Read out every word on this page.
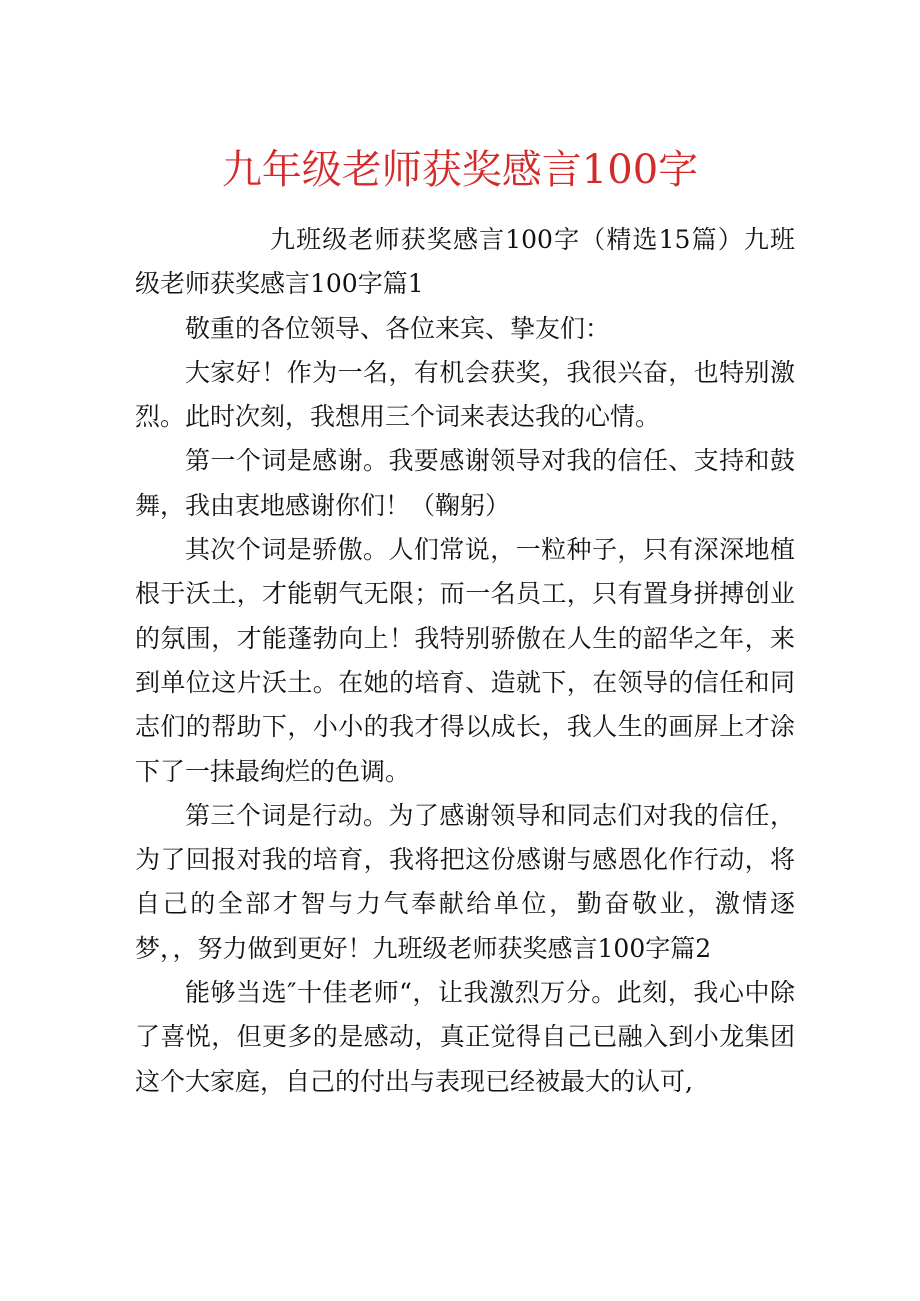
九年级老师获奖感言100字

九班级老师获奖感言100字（精选15篇）九班级老师获奖感言100字篇1

敬重的各位领导、各位来宾、挚友们：

大家好！作为一名，有机会获奖，我很兴奋，也特别激烈。此时次刻，我想用三个词来表达我的心情。

第一个词是感谢。我要感谢领导对我的信任、支持和鼓舞，我由衷地感谢你们！（鞠躬）

其次个词是骄傲。人们常说，一粒种子，只有深深地植根于沃土，才能朝气无限；而一名员工，只有置身拼搏创业的氛围，才能蓬勃向上！我特别骄傲在人生的韶华之年，来到单位这片沃土。在她的培育、造就下，在领导的信任和同志们的帮助下，小小的我才得以成长，我人生的画屏上才涂下了一抹最绚烂的色调。

第三个词是行动。为了感谢领导和同志们对我的信任，为了回报对我的培育，我将把这份感谢与感恩化作行动，将自己的全部才智与力气奉献给单位，勤奋敬业，激情逐梦，，努力做到更好！九班级老师获奖感言100字篇2

能够当选″十佳老师“，让我激烈万分。此刻，我心中除了喜悦，但更多的是感动，真正觉得自己已融入到小龙集团这个大家庭，自己的付出与表现已经被最大的认可,
